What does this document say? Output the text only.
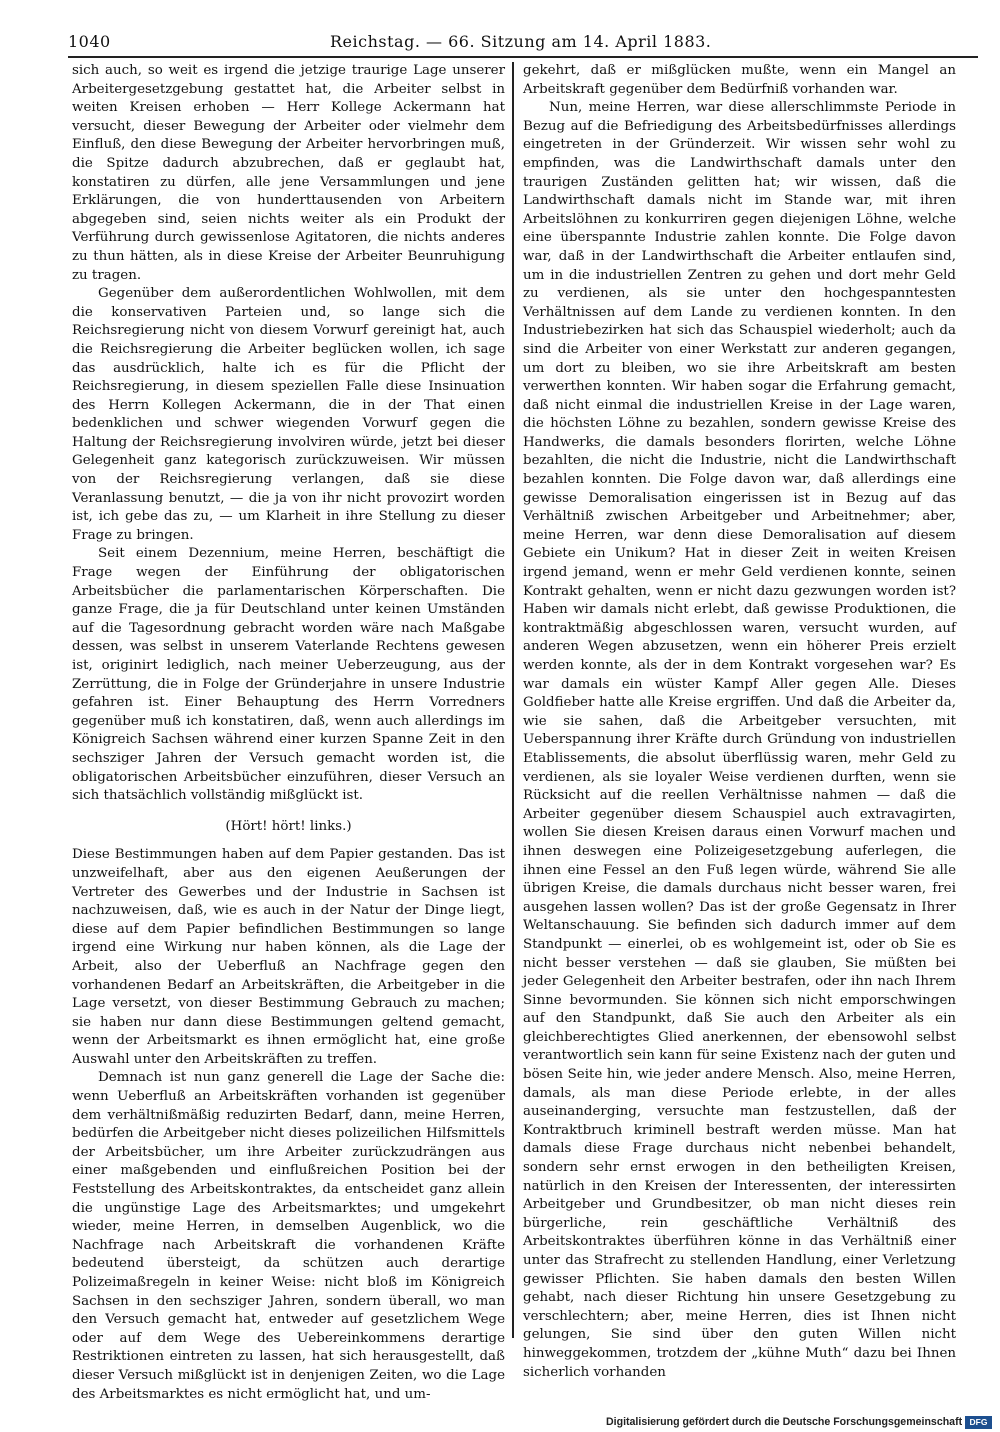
1040	Reichstag. — 66. Sitzung am 14. April 1883.

sich auch, so weit es irgend die jetzige traurige Lage unserer Arbeitergesetzgebung gestattet hat, die Arbeiter selbst in weiten Kreisen erhoben — Herr Kollege Ackermann hat versucht, dieser Bewegung der Arbeiter oder vielmehr dem Einfluß, den diese Bewegung der Arbeiter hervorbringen muß, die Spitze dadurch abzubrechen, daß er geglaubt hat, konstatiren zu dürfen, alle jene Versammlungen und jene Erklärungen, die von hunderttausenden von Arbeitern abgegeben sind, seien nichts weiter als ein Produkt der Verführung durch gewissenlose Agitatoren, die nichts anderes zu thun hätten, als in diese Kreise der Arbeiter Beunruhigung zu tragen.

Gegenüber dem außerordentlichen Wohlwollen, mit dem die konservativen Parteien und, so lange sich die Reichsregierung nicht von diesem Vorwurf gereinigt hat, auch die Reichsregierung die Arbeiter beglücken wollen, ich sage das ausdrücklich, halte ich es für die Pflicht der Reichsregierung, in diesem speziellen Falle diese Insinuation des Herrn Kollegen Ackermann, die in der That einen bedenklichen und schwer wiegenden Vorwurf gegen die Haltung der Reichsregierung involviren würde, jetzt bei dieser Gelegenheit ganz kategorisch zurückzuweisen. Wir müssen von der Reichsregierung verlangen, daß sie diese Veranlassung benutzt, — die ja von ihr nicht provozirt worden ist, ich gebe das zu, — um Klarheit in ihre Stellung zu dieser Frage zu bringen.

Seit einem Dezennium, meine Herren, beschäftigt die Frage wegen der Einführung der obligatorischen Arbeitsbücher die parlamentarischen Körperschaften. Die ganze Frage, die ja für Deutschland unter keinen Umständen auf die Tagesordnung gebracht worden wäre nach Maßgabe dessen, was selbst in unserem Vaterlande Rechtens gewesen ist, originirt lediglich, nach meiner Ueberzeugung, aus der Zerrüttung, die in Folge der Gründerjahre in unsere Industrie gefahren ist. Einer Behauptung des Herrn Vorredners gegenüber muß ich konstatiren, daß, wenn auch allerdings im Königreich Sachsen während einer kurzen Spanne Zeit in den sechsziger Jahren der Versuch gemacht worden ist, die obligatorischen Arbeitsbücher einzuführen, dieser Versuch an sich thatsächlich vollständig mißglückt ist.

(Hört! hört! links.)

Diese Bestimmungen haben auf dem Papier gestanden. Das ist unzweifelhaft, aber aus den eigenen Aeußerungen der Vertreter des Gewerbes und der Industrie in Sachsen ist nachzuweisen, daß, wie es auch in der Natur der Dinge liegt, diese auf dem Papier befindlichen Bestimmungen so lange irgend eine Wirkung nur haben können, als die Lage der Arbeit, also der Ueberfluß an Nachfrage gegen den vorhandenen Bedarf an Arbeitskräften, die Arbeitgeber in die Lage versetzt, von dieser Bestimmung Gebrauch zu machen; sie haben nur dann diese Bestimmungen geltend gemacht, wenn der Arbeitsmarkt es ihnen ermöglicht hat, eine große Auswahl unter den Arbeitskräften zu treffen.

Demnach ist nun ganz generell die Lage der Sache die: wenn Ueberfluß an Arbeitskräften vorhanden ist gegenüber dem verhältnißmäßig reduzirten Bedarf, dann, meine Herren, bedürfen die Arbeitgeber nicht dieses polizeilichen Hilfsmittels der Arbeitsbücher, um ihre Arbeiter zurückzudrängen aus einer maßgebenden und einflußreichen Position bei der Feststellung des Arbeitskontraktes, da entscheidet ganz allein die ungünstige Lage des Arbeitsmarktes; und umgekehrt wieder, meine Herren, in demselben Augenblick, wo die Nachfrage nach Arbeitskraft die vorhandenen Kräfte bedeutend übersteigt, da schützen auch derartige Polizeimaßregeln in keiner Weise: nicht bloß im Königreich Sachsen in den sechsziger Jahren, sondern überall, wo man den Versuch gemacht hat, entweder auf gesetzlichem Wege oder auf dem Wege des Uebereinkommens derartige Restriktionen eintreten zu lassen, hat sich herausgestellt, daß dieser Versuch mißglückt ist in denjenigen Zeiten, wo die Lage des Arbeitsmarktes es nicht ermöglicht hat, und um-

gekehrt, daß er mißglücken mußte, wenn ein Mangel an Arbeitskraft gegenüber dem Bedürfniß vorhanden war.

Nun, meine Herren, war diese allerschlimmste Periode in Bezug auf die Befriedigung des Arbeitsbedürfnisses allerdings eingetreten in der Gründerzeit. Wir wissen sehr wohl zu empfinden, was die Landwirthschaft damals unter den traurigen Zuständen gelitten hat; wir wissen, daß die Landwirthschaft damals nicht im Stande war, mit ihren Arbeitslöhnen zu konkurriren gegen diejenigen Löhne, welche eine überspannte Industrie zahlen konnte. Die Folge davon war, daß in der Landwirthschaft die Arbeiter entlaufen sind, um in die industriellen Zentren zu gehen und dort mehr Geld zu verdienen, als sie unter den hochgespanntesten Verhältnissen auf dem Lande zu verdienen konnten. In den Industriebezirken hat sich das Schauspiel wiederholt; auch da sind die Arbeiter von einer Werkstatt zur anderen gegangen, um dort zu bleiben, wo sie ihre Arbeitskraft am besten verwerthen konnten. Wir haben sogar die Erfahrung gemacht, daß nicht einmal die industriellen Kreise in der Lage waren, die höchsten Löhne zu bezahlen, sondern gewisse Kreise des Handwerks, die damals besonders florirten, welche Löhne bezahlten, die nicht die Industrie, nicht die Landwirthschaft bezahlen konnten. Die Folge davon war, daß allerdings eine gewisse Demoralisation eingerissen ist in Bezug auf das Verhältniß zwischen Arbeitgeber und Arbeitnehmer; aber, meine Herren, war denn diese Demoralisation auf diesem Gebiete ein Unikum? Hat in dieser Zeit in weiten Kreisen irgend jemand, wenn er mehr Geld verdienen konnte, seinen Kontrakt gehalten, wenn er nicht dazu gezwungen worden ist? Haben wir damals nicht erlebt, daß gewisse Produktionen, die kontraktmäßig abgeschlossen waren, versucht wurden, auf anderen Wegen abzusetzen, wenn ein höherer Preis erzielt werden konnte, als der in dem Kontrakt vorgesehen war? Es war damals ein wüster Kampf Aller gegen Alle. Dieses Goldfieber hatte alle Kreise ergriffen. Und daß die Arbeiter da, wie sie sahen, daß die Arbeitgeber versuchten, mit Ueberspannung ihrer Kräfte durch Gründung von industriellen Etablissements, die absolut überflüssig waren, mehr Geld zu verdienen, als sie loyaler Weise verdienen durften, wenn sie Rücksicht auf die reellen Verhältnisse nahmen — daß die Arbeiter gegenüber diesem Schauspiel auch extravagirten, wollen Sie diesen Kreisen daraus einen Vorwurf machen und ihnen deswegen eine Polizeigesetzgebung auferlegen, die ihnen eine Fessel an den Fuß legen würde, während Sie alle übrigen Kreise, die damals durchaus nicht besser waren, frei ausgehen lassen wollen? Das ist der große Gegensatz in Ihrer Weltanschauung. Sie befinden sich dadurch immer auf dem Standpunkt — einerlei, ob es wohlgemeint ist, oder ob Sie es nicht besser verstehen — daß sie glauben, Sie müßten bei jeder Gelegenheit den Arbeiter bestrafen, oder ihn nach Ihrem Sinne bevormunden. Sie können sich nicht emporschwingen auf den Standpunkt, daß Sie auch den Arbeiter als ein gleichberechtigtes Glied anerkennen, der ebensowohl selbst verantwortlich sein kann für seine Existenz nach der guten und bösen Seite hin, wie jeder andere Mensch. Also, meine Herren, damals, als man diese Periode erlebte, in der alles auseinanderging, versuchte man festzustellen, daß der Kontraktbruch kriminell bestraft werden müsse. Man hat damals diese Frage durchaus nicht nebenbei behandelt, sondern sehr ernst erwogen in den betheiligten Kreisen, natürlich in den Kreisen der Interessenten, der interessirten Arbeitgeber und Grundbesitzer, ob man nicht dieses rein bürgerliche, rein geschäftliche Verhältniß des Arbeitskontraktes überführen könne in das Verhältniß einer unter das Strafrecht zu stellenden Handlung, einer Verletzung gewisser Pflichten. Sie haben damals den besten Willen gehabt, nach dieser Richtung hin unsere Gesetzgebung zu verschlechtern; aber, meine Herren, dies ist Ihnen nicht gelungen, Sie sind über den guten Willen nicht hinweggekommen, trotzdem der „kühne Muth“ dazu bei Ihnen sicherlich vorhanden

Digitalisierung gefördert durch die Deutsche Forschungsgemeinschaft DFG
